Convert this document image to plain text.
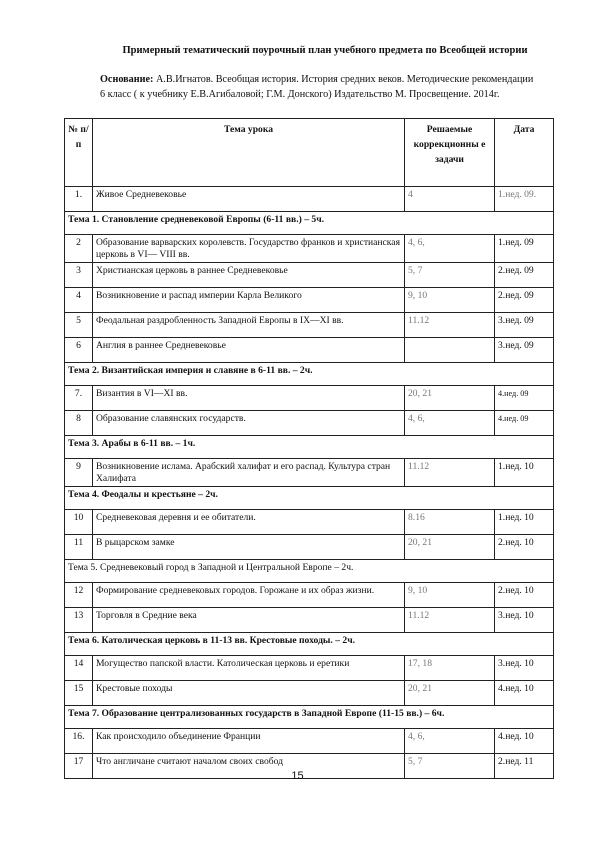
Примерный тематический поурочный план учебного предмета по Всеобщей истории
Основание: А.В.Игнатов. Всеобщая история. История средних веков. Методические рекомендации 6 класс ( к учебнику Е.В.Агибаловой; Г.М. Донского) Издательство М. Просвещение. 2014г.
№ п/п	Тема урока	Решаемые коррекционны е задачи	Дата
1.	Живое Средневековье	4	1.нед. 09.
Тема 1. Становление средневековой Европы (6-11 вв.) – 5ч.			
2	Образование варварских королевств. Государство франков и христианская церковь в VI— VIII вв.	4, 6,	1.нед. 09
3	Христианская церковь в раннее Средневековье	5, 7	2.нед. 09
4	Возникновение и распад империи Карла Великого	9, 10	2.нед. 09
5	Феодальная раздробленность Западной Европы в IX—XI вв.	11.12	3.нед. 09
6	Англия в раннее Средневековье		3.нед. 09
Тема 2. Византийская империя и славяне в 6-11 вв. – 2ч.			
7.	Византия в VI—XI вв.	20, 21	4.нед. 09
8	Образование славянских государств.	4, 6,	4.нед. 09
Тема 3. Арабы в 6-11 вв. – 1ч.			
9	Возникновение ислама. Арабский халифат и его распад. Культура стран Халифата	11.12	1.нед. 10
Тема 4. Феодалы и крестьяне – 2ч.			
10	Средневековая деревня и ее обитатели.	8.16	1.нед. 10
11	В рыцарском замке	20, 21	2.нед. 10
Тема 5. Средневековый город в Западной и Центральной Европе – 2ч.			
12	Формирование средневековых городов. Горожане и их образ жизни.	9, 10	2.нед. 10
13	Торговля в Средние века	11.12	3.нед. 10
Тема 6. Католическая церковь в 11-13 вв. Крестовые походы. – 2ч.			
14	Могущество папской власти. Католическая церковь и еретики	17, 18	3.нед. 10
15	Крестовые походы	20, 21	4.нед. 10
Тема 7. Образование централизованных государств в Западной Европе (11-15 вв.) – 6ч.			
16.	Как происходило объединение Франции	4, 6,	4.нед. 10
17	Что англичане считают началом своих свобод	5, 7	2.нед. 11
15
